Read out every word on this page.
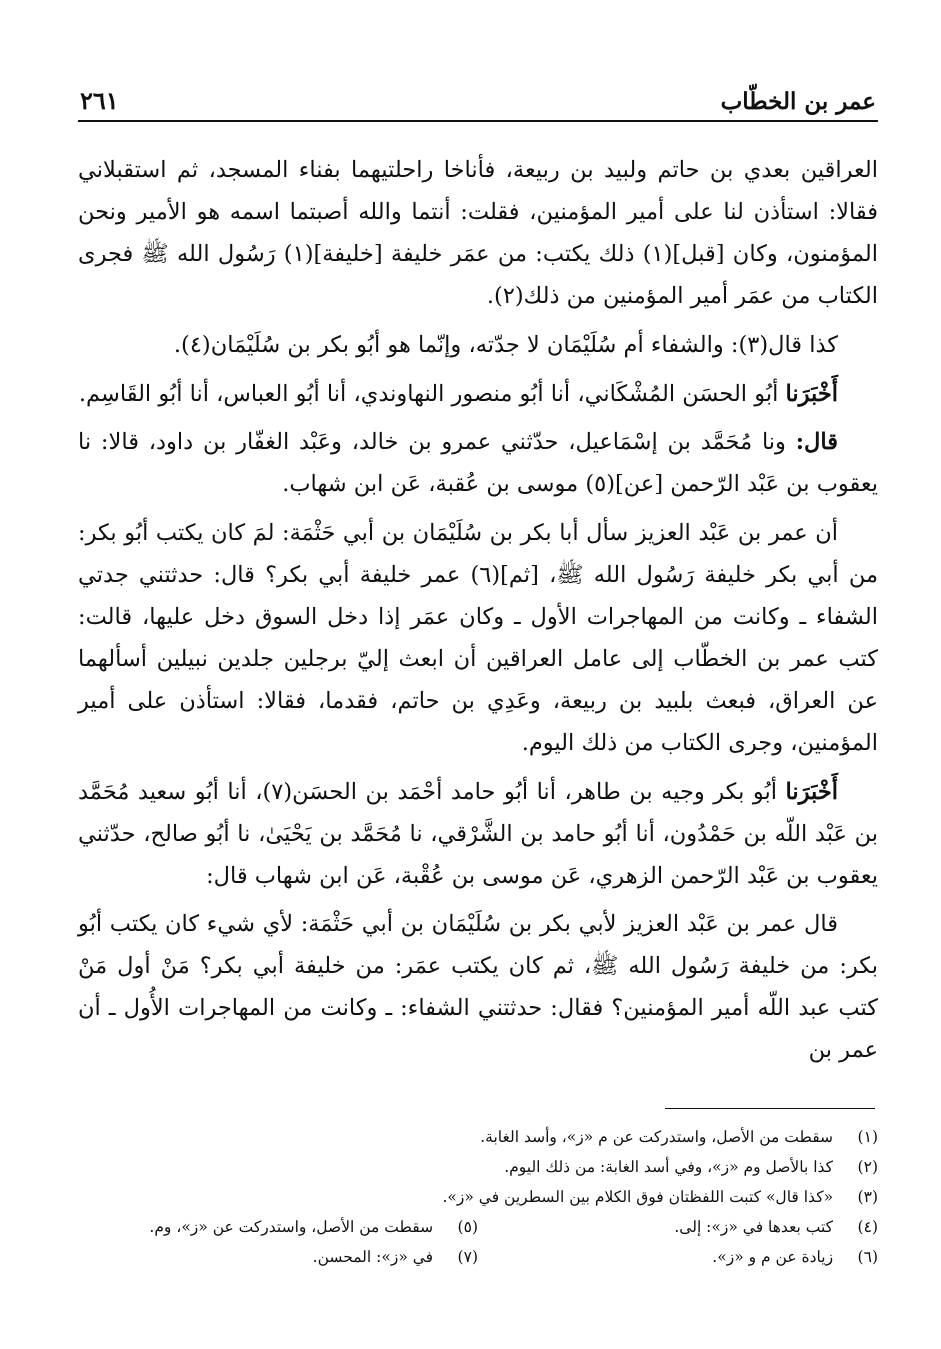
عمر بن الخطّاب
٢٦١

العراقين بعدي بن حاتم ولبيد بن ربيعة، فأناخا راحلتيهما بفناء المسجد، ثم استقبلاني فقالا: استأذن لنا على أمير المؤمنين، فقلت: أنتما والله أصبتما اسمه هو الأمير ونحن المؤمنون، وكان [قبل](١) ذلك يكتب: من عمَر خليفة [خليفة](١) رَسُول الله ﷺ فجرى الكتاب من عمَر أمير المؤمنين من ذلك(٢).

كذا قال(٣): والشفاء أم سُلَيْمَان لا جدّته، وإنّما هو أبُو بكر بن سُلَيْمَان(٤).

أَخْبَرَنا أبُو الحسَن المُشْكَاني، أنا أبُو منصور النهاوندي، أنا أبُو العباس، أنا أبُو القَاسِم.

قال: ونا مُحَمَّد بن إسْمَاعيل، حدّثني عمرو بن خالد، وعَبْد الغفّار بن داود، قالا: نا يعقوب بن عَبْد الرّحمن [عن](٥) موسى بن عُقبة، عَن ابن شهاب.

أن عمر بن عَبْد العزيز سأل أبا بكر بن سُلَيْمَان بن أبي حَثْمَة: لمَ كان يكتب أبُو بكر: من أبي بكر خليفة رَسُول الله ﷺ، [ثم](٦) عمر خليفة أبي بكر؟ قال: حدثتني جدتي الشفاء ـ وكانت من المهاجرات الأول ـ وكان عمَر إذا دخل السوق دخل عليها، قالت: كتب عمر بن الخطّاب إلى عامل العراقين أن ابعث إليّ برجلين جلدين نبيلين أسألهما عن العراق، فبعث بلبيد بن ربيعة، وعَدِي بن حاتم، فقدما، فقالا: استأذن على أمير المؤمنين، وجرى الكتاب من ذلك اليوم.

أَخْبَرَنا أبُو بكر وجيه بن طاهر، أنا أبُو حامد أحْمَد بن الحسَن(٧)، أنا أبُو سعيد مُحَمَّد بن عَبْد اللّه بن حَمْدُون، أنا أبُو حامد بن الشَّرْقي، نا مُحَمَّد بن يَحْيَىٰ، نا أبُو صالح، حدّثني يعقوب بن عَبْد الرّحمن الزهري، عَن موسى بن عُقْبة، عَن ابن شهاب قال:

قال عمر بن عَبْد العزيز لأبي بكر بن سُلَيْمَان بن أبي حَثْمَة: لأي شيء كان يكتب أبُو بكر: من خليفة رَسُول الله ﷺ، ثم كان يكتب عمَر: من خليفة أبي بكر؟ مَنْ أول مَنْ كتب عبد اللّه أمير المؤمنين؟ فقال: حدثتني الشفاء: ـ وكانت من المهاجرات الأُول ـ أن عمر بن

(١) سقطت من الأصل، واستدركت عن م «ز»، وأسد الغابة.
(٢) كذا بالأصل وم «ز»، وفي أسد الغابة: من ذلك اليوم.
(٣) «كذا قال» كتبت اللفظتان فوق الكلام بين السطرين في «ز».
(٤) كتب بعدها في «ز»: إلى.
(٥) سقطت من الأصل، واستدركت عن «ز»، وم.
(٦) زيادة عن م و «ز».
(٧) في «ز»: المحسن.
